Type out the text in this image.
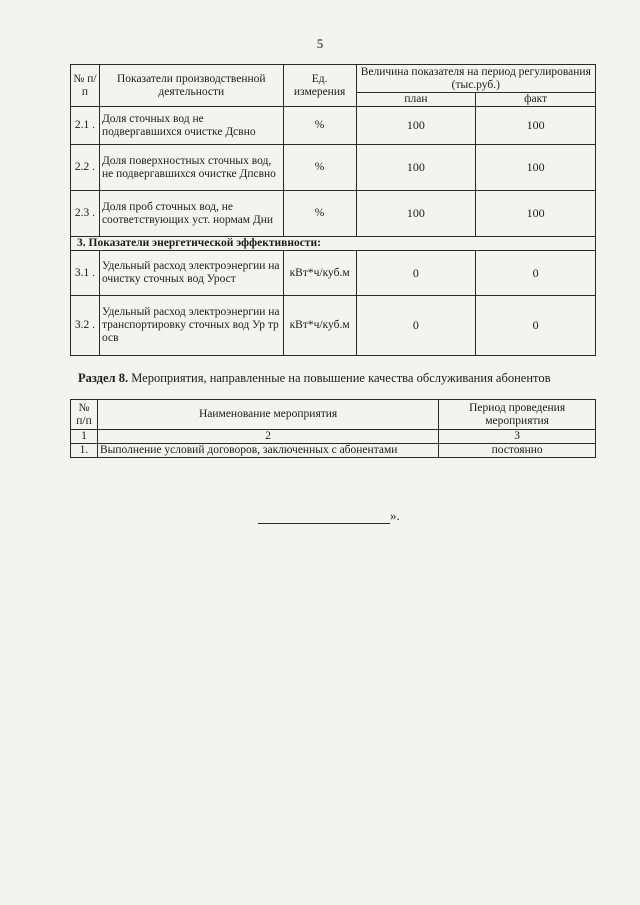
5
№ п/п	Показатели производственной деятельности	Ед. измерения	Величина показателя на период регулирования (тыс.руб.)	
			план	факт
2.1 .	Доля сточных вод не подвергавшихся очистке Дсвно	%	100	100
2.2 .	Доля поверхностных сточных вод, не подвергавшихся очистке Дпсвно	%	100	100
2.3 .	Доля проб сточных вод, не соответствующих уст. нормам Дни	%	100	100
3. Показатели энергетической эффективности:				
3.1 .	Удельный расход электроэнергии на очистку сточных вод Урост	кВт*ч/куб.м	0	0
3.2 .	Удельный расход электроэнергии на транспортировку сточных вод Ур тр осв	кВт*ч/куб.м	0	0
Раздел 8. Мероприятия, направленные на повышение качества обслуживания абонентов
№ п/п	Наименование мероприятия	Период проведения мероприятия
1	2	3
1.	Выполнение условий договоров, заключенных с абонентами	постоянно
».
